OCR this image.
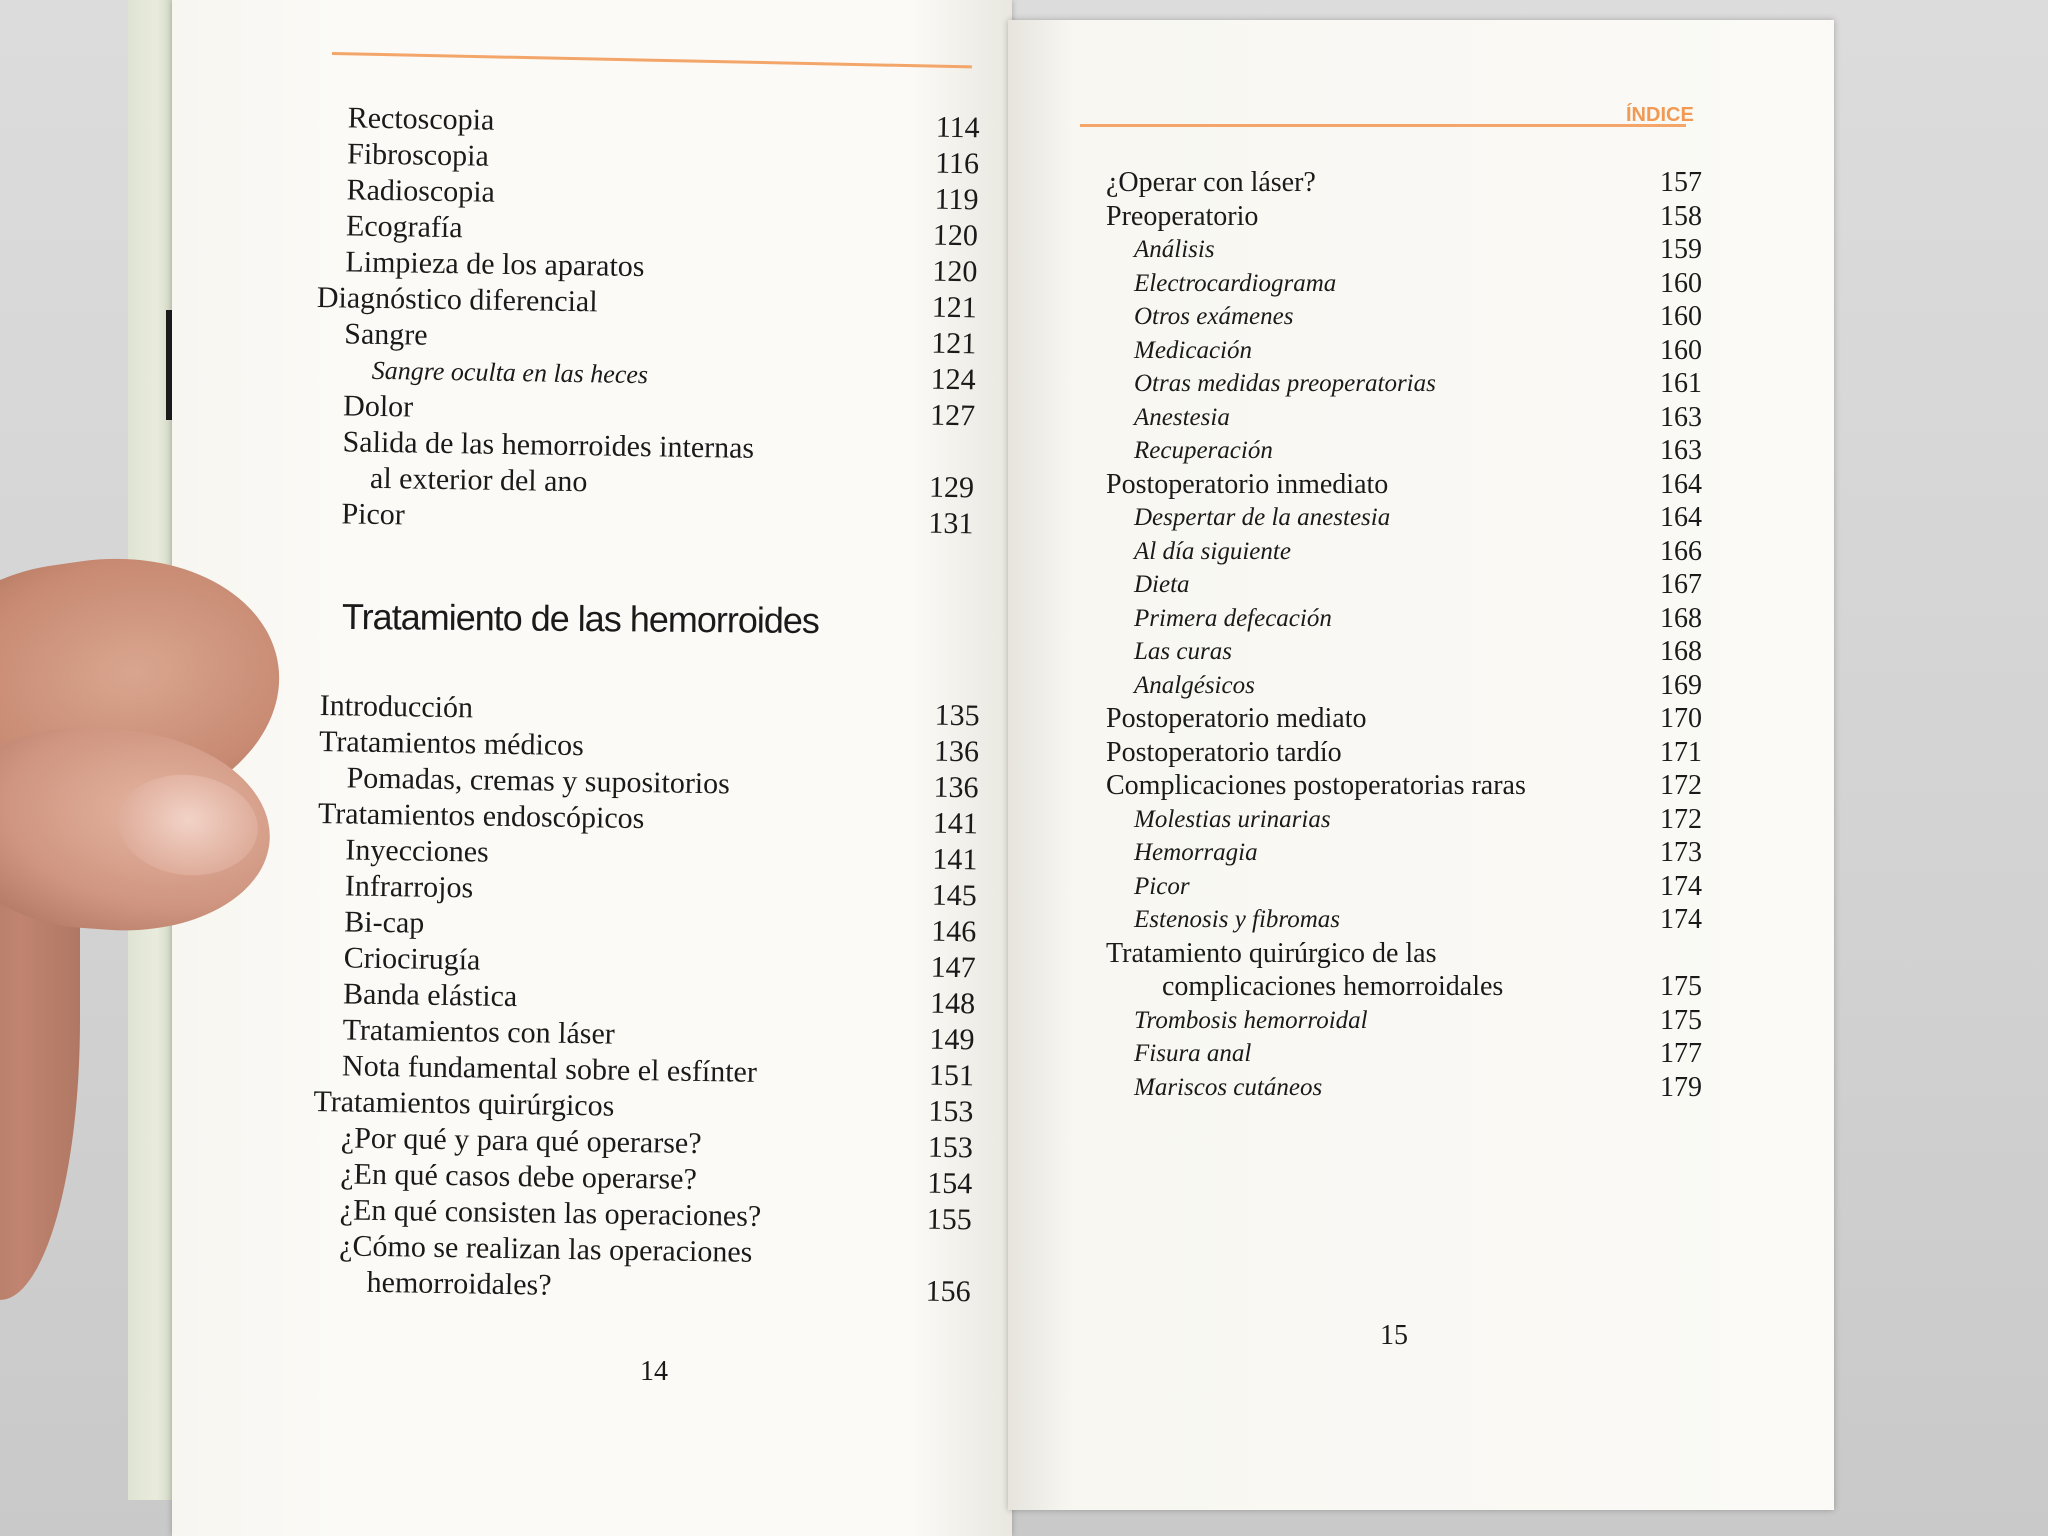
ÍNDICE
Rectoscopia	114
Fibroscopia	116
Radioscopia	119
Ecografía	120
Limpieza de los aparatos	120
Diagnóstico diferencial	121
Sangre	121
Sangre oculta en las heces	124
Dolor	127
Salida de las hemorroides internas
al exterior del ano	129
Picor	131
Tratamiento de las hemorroides
Introducción	135
Tratamientos médicos	136
Pomadas, cremas y supositorios	136
Tratamientos endoscópicos	141
Inyecciones	141
Infrarrojos	145
Bi-cap	146
Criocirugía	147
Banda elástica	148
Tratamientos con láser	149
Nota fundamental sobre el esfínter	151
Tratamientos quirúrgicos	153
¿Por qué y para qué operarse?	153
¿En qué casos debe operarse?	154
¿En qué consisten las operaciones?	155
¿Cómo se realizan las operaciones
hemorroidales?	156
¿Operar con láser?	157
Preoperatorio	158
Análisis	159
Electrocardiograma	160
Otros exámenes	160
Medicación	160
Otras medidas preoperatorias	161
Anestesia	163
Recuperación	163
Postoperatorio inmediato	164
Despertar de la anestesia	164
Al día siguiente	166
Dieta	167
Primera defecación	168
Las curas	168
Analgésicos	169
Postoperatorio mediato	170
Postoperatorio tardío	171
Complicaciones postoperatorias raras	172
Molestias urinarias	172
Hemorragia	173
Picor	174
Estenosis y fibromas	174
Tratamiento quirúrgico de las
complicaciones hemorroidales	175
Trombosis hemorroidal	175
Fisura anal	177
Mariscos cutáneos	179
14
15
